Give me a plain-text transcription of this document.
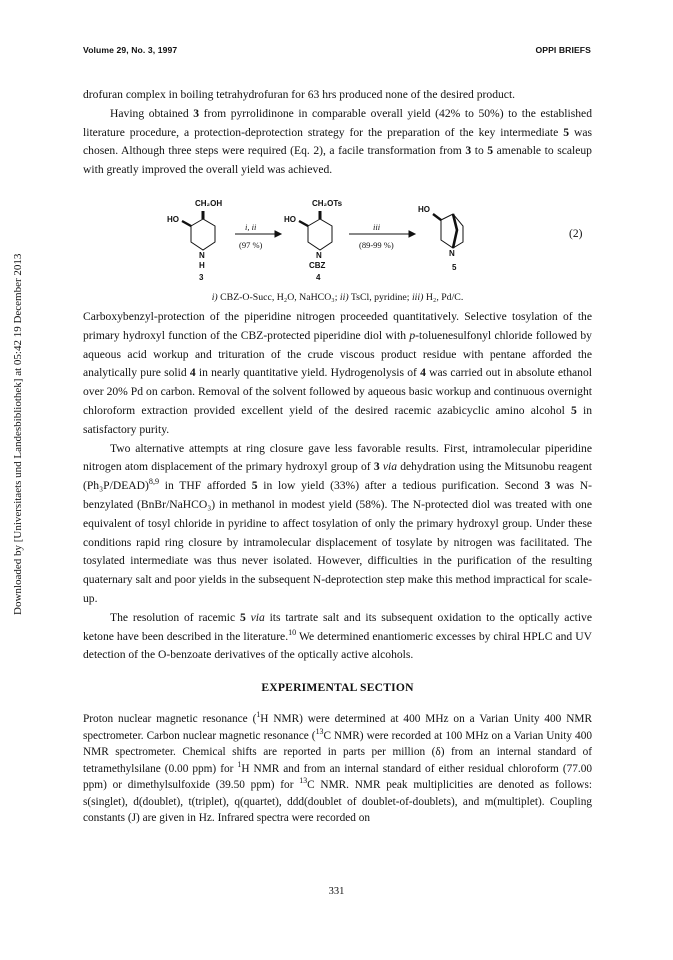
Volume 29, No. 3, 1997	OPPI BRIEFS
Downloaded by [Universitaets und Landesbibliothek] at 05:42 19 December 2013

drofuran complex in boiling tetrahydrofuran for 63 hrs produced none of the desired product.

Having obtained 3 from pyrrolidinone in comparable overall yield (42% to 50%) to the established literature procedure, a protection-deprotection strategy for the preparation of the key intermediate 5 was chosen. Although three steps were required (Eq. 2), a facile transformation from 3 to 5 amenable to scaleup with greatly improved the overall yield was achieved.

CH₂OH
HO
N
H
3
i, ii
(97 %)
CH₂OTs
HO
N
CBZ
4
iii
(89-99 %)
HO
N
5
(2)
i) CBZ-O-Succ, H₂O, NaHCO₃; ii) TsCl, pyridine; iii) H₂, Pd/C.

Carboxybenzyl-protection of the piperidine nitrogen proceeded quantitatively. Selective tosylation of the primary hydroxyl function of the CBZ-protected piperidine diol with p-toluenesulfonyl chloride followed by aqueous acid workup and trituration of the crude viscous product residue with pentane afforded the analytically pure solid 4 in nearly quantitative yield. Hydrogenolysis of 4 was carried out in absolute ethanol over 20% Pd on carbon. Removal of the solvent followed by aqueous basic workup and continuous overnight chloroform extraction provided excellent yield of the desired racemic azabicyclic amino alcohol 5 in satisfactory purity.

Two alternative attempts at ring closure gave less favorable results. First, intramolecular piperidine nitrogen atom displacement of the primary hydroxyl group of 3 via dehydration using the Mitsunobu reagent (Ph₃P/DEAD)$^{8,9}$ in THF afforded 5 in low yield (33%) after a tedious purification. Second 3 was N-benzylated (BnBr/NaHCO₃) in methanol in modest yield (58%). The N-protected diol was treated with one equivalent of tosyl chloride in pyridine to affect tosylation of only the primary hydroxyl group. Under these conditions rapid ring closure by intramolecular displacement of tosylate by nitrogen was facilitated. The tosylated intermediate was thus never isolated. However, difficulties in the purification of the resulting quaternary salt and poor yields in the subsequent N-deprotection step make this method impractical for scale-up.

The resolution of racemic 5 via its tartrate salt and its subsequent oxidation to the optically active ketone have been described in the literature.$^{10}$ We determined enantiomeric excesses by chiral HPLC and UV detection of the O-benzoate derivatives of the optically active alcohols.

EXPERIMENTAL SECTION
Proton nuclear magnetic resonance ($^1$H NMR) were determined at 400 MHz on a Varian Unity 400 NMR spectrometer. Carbon nuclear magnetic resonance ($^{13}$C NMR) were recorded at 100 MHz on a Varian Unity 400 NMR spectrometer. Chemical shifts are reported in parts per million (δ) from an internal standard of tetramethylsilane (0.00 ppm) for $^1$H NMR and from an internal standard of either residual chloroform (77.00 ppm) or dimethylsulfoxide (39.50 ppm) for $^{13}$C NMR. NMR peak multiplicities are denoted as follows: s(singlet), d(doublet), t(triplet), q(quartet), ddd(doublet of doublet-of-doublets), and m(multiplet). Coupling constants (J) are given in Hz. Infrared spectra were recorded on
331
